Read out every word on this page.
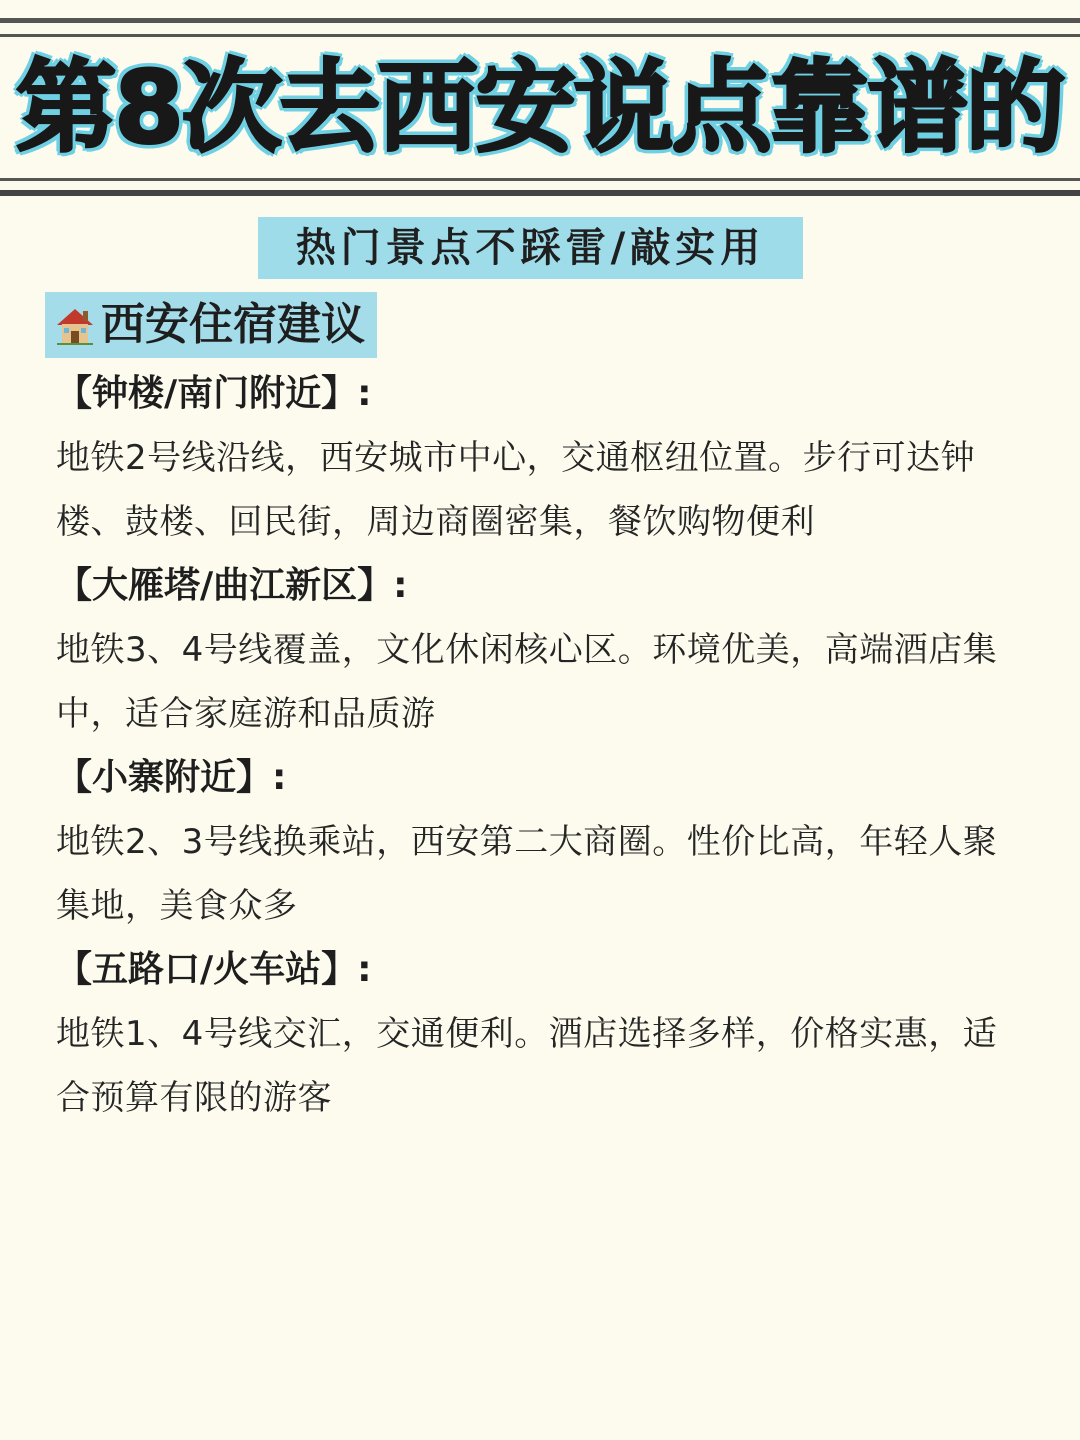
第8次去西安说点靠谱的
热门景点不踩雷/敲实用
西安住宿建议
【钟楼/南门附近】:
地铁2号线沿线，西安城市中心，交通枢纽位置。步行可达钟楼、鼓楼、回民街，周边商圈密集，餐饮购物便利
【大雁塔/曲江新区】:
地铁3、4号线覆盖，文化休闲核心区。环境优美，高端酒店集中，适合家庭游和品质游
【小寨附近】:
地铁2、3号线换乘站，西安第二大商圈。性价比高，年轻人聚集地，美食众多
【五路口/火车站】:
地铁1、4号线交汇，交通便利。酒店选择多样，价格实惠，适合预算有限的游客
